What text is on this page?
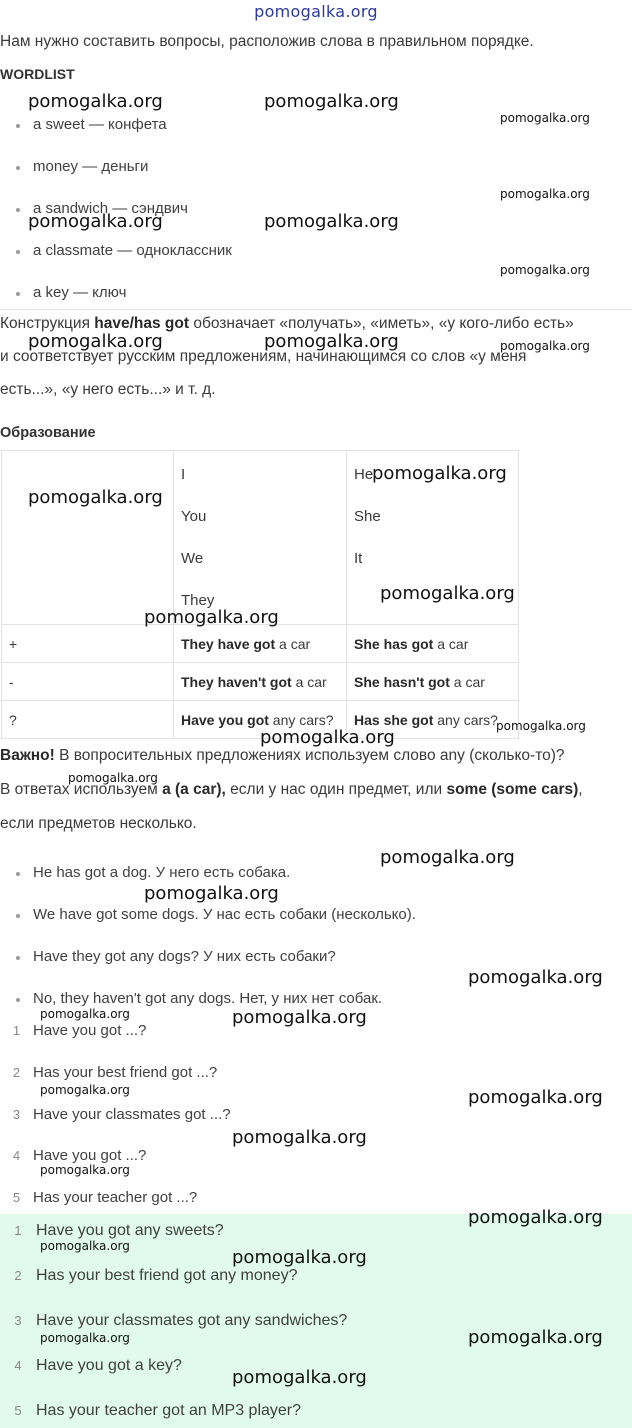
pomogalka.org
Нам нужно составить вопросы, расположив слова в правильном порядке.
WORDLIST
a sweet — конфета
money — деньги
a sandwich — сэндвич
a classmate — одноклассник
a key — ключ
Конструкция have/has got обозначает «получать», «иметь», «у кого-либо есть»
и соответствует русским предложениям, начинающимся со слов «у меня
есть...», «у него есть...» и т. д.
Образование

	I
You
We
They	He
She
It

+	They have got a car	She has got a car
-	They haven't got a car	She hasn't got a car
?	Have you got any cars?	Has she got any cars?
Важно! В вопросительных предложениях используем слово any (сколько-то)?
В ответах используем a (a car), если у нас один предмет, или some (some cars),
если предметов несколько.
He has got a dog. У него есть собака.
We have got some dogs. У нас есть собаки (несколько).
Have they got any dogs? У них есть собаки?
No, they haven't got any dogs. Нет, у них нет собак.
1 Have you got ...?
2 Has your best friend got ...?
3 Have your classmates got ...?
4 Have you got ...?
5 Has your teacher got ...?
1 Have you got any sweets?
2 Has your best friend got any money?
3 Have your classmates got any sandwiches?
4 Have you got a key?
5 Has your teacher got an MP3 player?
pomogalka.org	pomogalka.org
pomogalka.org
pomogalka.org
pomogalka.org	pomogalka.org
pomogalka.org
pomogalka.org	pomogalka.org	pomogalka.org
pomogalka.org
pomogalka.org
pomogalka.org
pomogalka.org
pomogalka.org
pomogalka.org
pomogalka.org
pomogalka.org
pomogalka.org
pomogalka.org
pomogalka.org	pomogalka.org
pomogalka.org	pomogalka.org
pomogalka.org
pomogalka.org
pomogalka.org
pomogalka.org
pomogalka.org
pomogalka.org	pomogalka.org
pomogalka.org
